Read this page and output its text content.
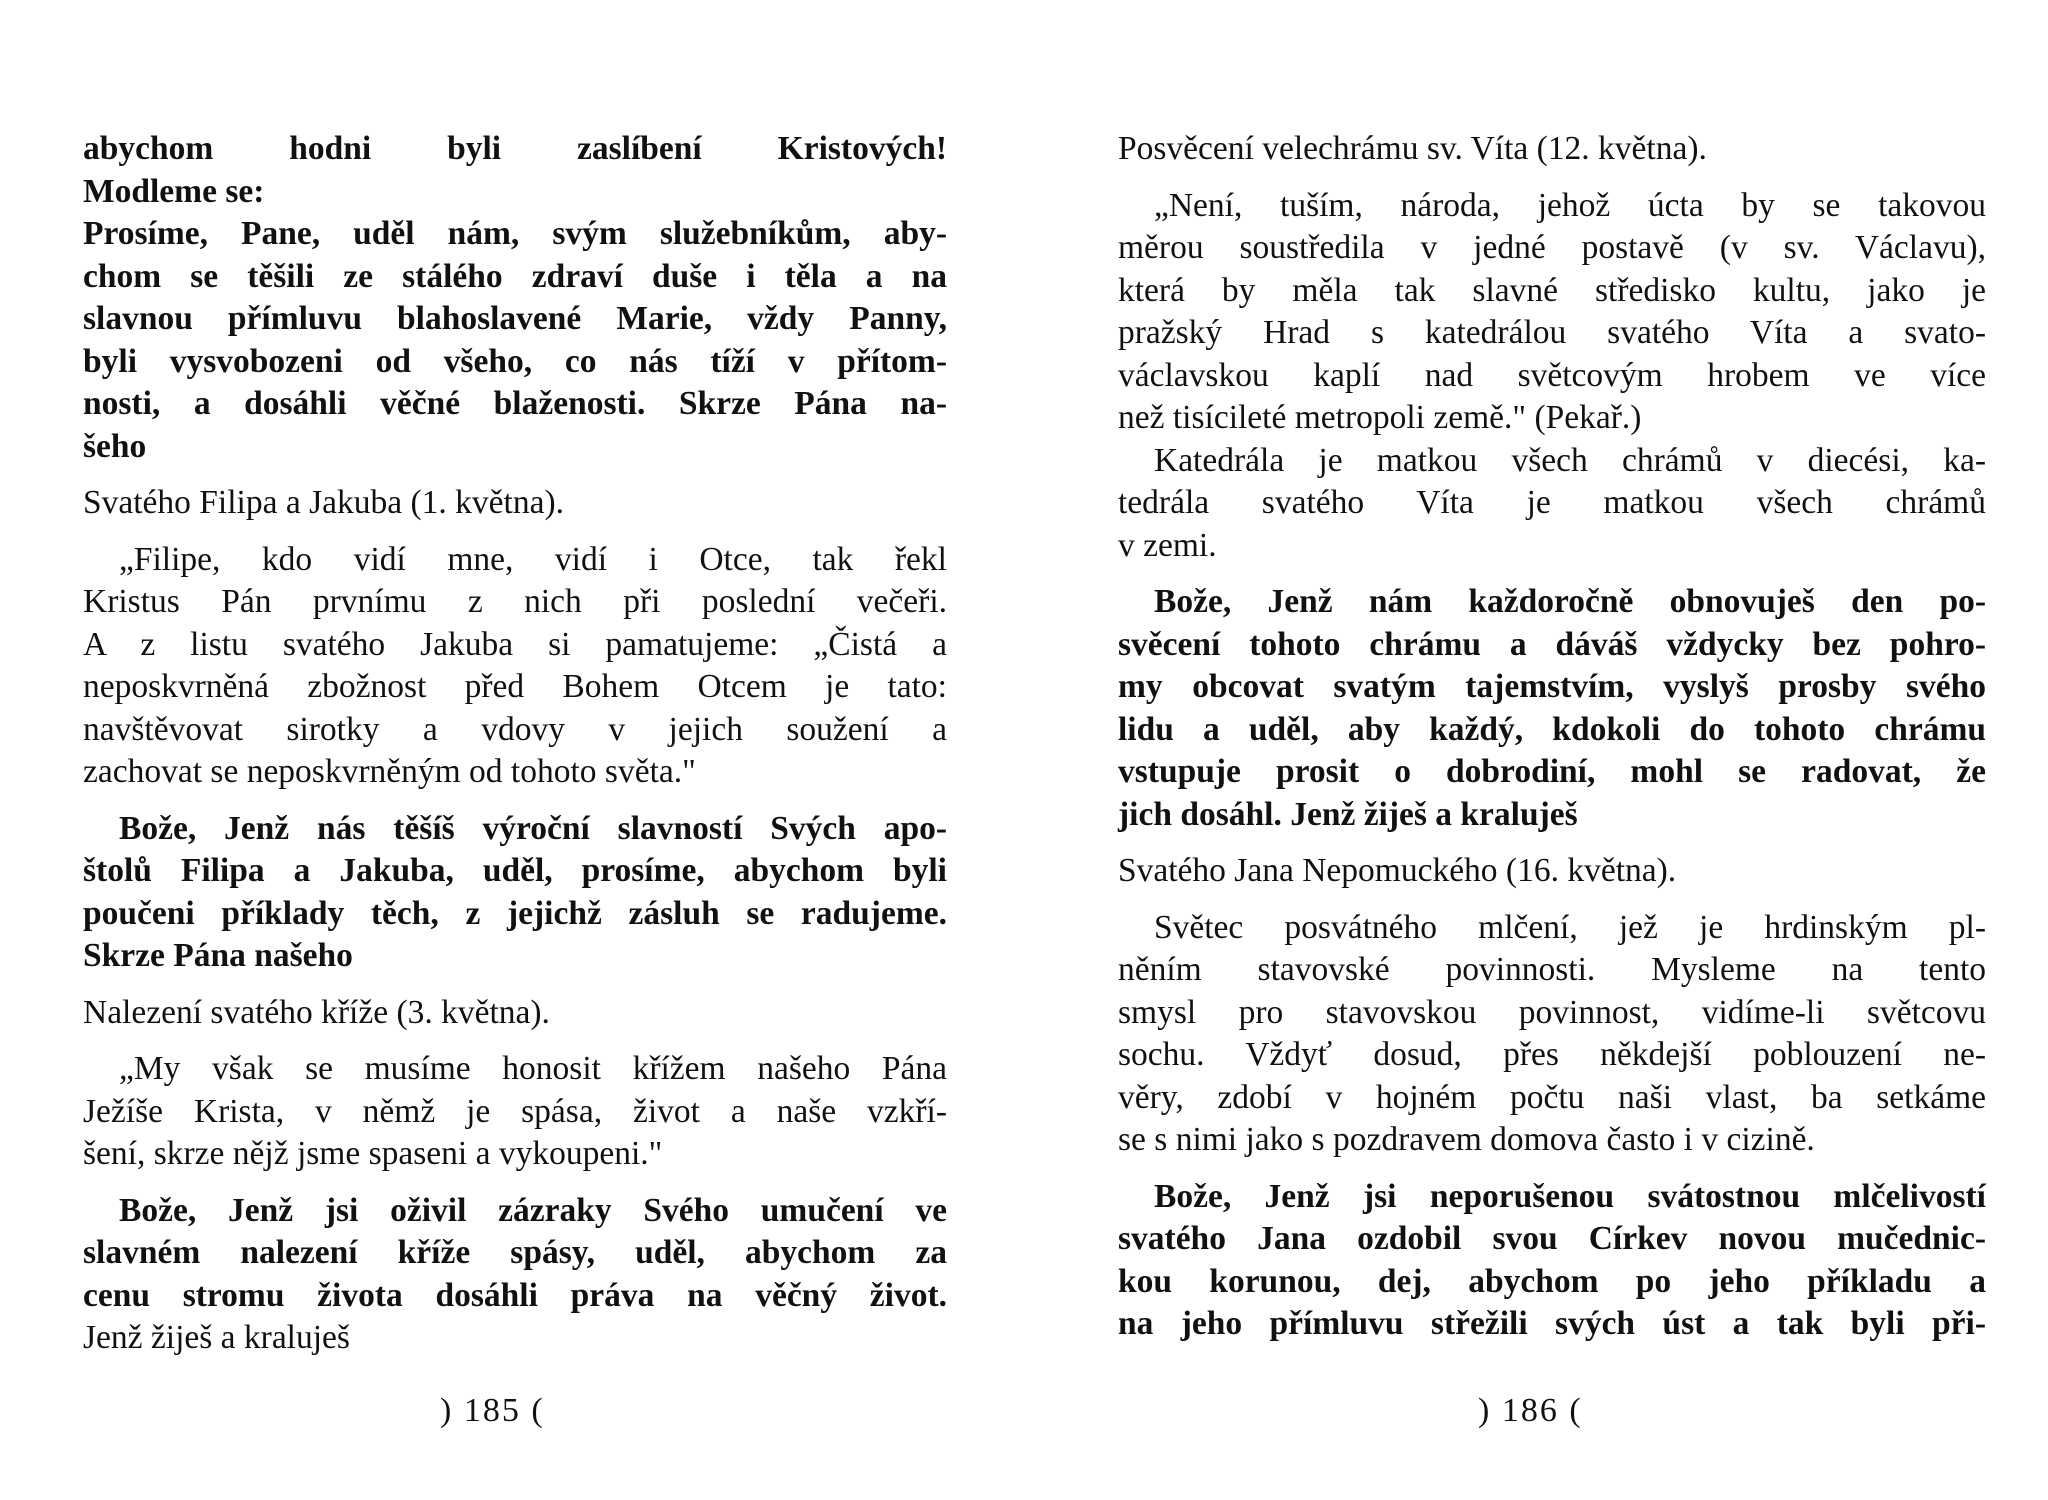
abychom hodni byli zaslíbení Kristových!
Modleme se:
Prosíme, Pane, uděl nám, svým služebníkům, aby-
chom se těšili ze stálého zdraví duše i těla a na
slavnou přímluvu blahoslavené Marie, vždy Panny,
byli vysvobozeni od všeho, co nás tíží v přítom-
nosti, a dosáhli věčné blaženosti. Skrze Pána na-
šeho
Svatého Filipa a Jakuba (1. května).
„Filipe, kdo vidí mne, vidí i Otce, tak řekl
Kristus Pán prvnímu z nich při poslední večeři.
A z listu svatého Jakuba si pamatujeme: „Čistá a
neposkvrněná zbožnost před Bohem Otcem je tato:
navštěvovat sirotky a vdovy v jejich soužení a
zachovat se neposkvrněným od tohoto světa."
Bože, Jenž nás těšíš výroční slavností Svých apo-
štolů Filipa a Jakuba, uděl, prosíme, abychom byli
poučeni příklady těch, z jejichž zásluh se radujeme.
Skrze Pána našeho
Nalezení svatého kříže (3. května).
„My však se musíme honosit křížem našeho Pána
Ježíše Krista, v němž je spása, život a naše vzkří-
šení, skrze nějž jsme spaseni a vykoupeni."
Bože, Jenž jsi oživil zázraky Svého umučení ve
slavném nalezení kříže spásy, uděl, abychom za
cenu stromu života dosáhli práva na věčný život.
Jenž žiješ a kraluješ
Posvěcení velechrámu sv. Víta (12. května).
„Není, tuším, národa, jehož úcta by se takovou
měrou soustředila v jedné postavě (v sv. Václavu),
která by měla tak slavné středisko kultu, jako je
pražský Hrad s katedrálou svatého Víta a svato-
václavskou kaplí nad světcovým hrobem ve více
než tisícileté metropoli země." (Pekař.)
Katedrála je matkou všech chrámů v diecési, ka-
tedrála svatého Víta je matkou všech chrámů
v zemi.
Bože, Jenž nám každoročně obnovuješ den po-
svěcení tohoto chrámu a dáváš vždycky bez pohro-
my obcovat svatým tajemstvím, vyslyš prosby svého
lidu a uděl, aby každý, kdokoli do tohoto chrámu
vstupuje prosit o dobrodiní, mohl se radovat, že
jich dosáhl. Jenž žiješ a kraluješ
Svatého Jana Nepomuckého (16. května).
Světec posvátného mlčení, jež je hrdinským pl-
něním stavovské povinnosti. Mysleme na tento
smysl pro stavovskou povinnost, vidíme-li světcovu
sochu. Vždyť dosud, přes někdejší poblouzení ne-
věry, zdobí v hojném počtu naši vlast, ba setkáme
se s nimi jako s pozdravem domova často i v cizině.
Bože, Jenž jsi neporušenou svátostnou mlčelivostí
svatého Jana ozdobil svou Církev novou mučednic-
kou korunou, dej, abychom po jeho příkladu a
na jeho přímluvu střežili svých úst a tak byli při-
) 185 (	) 186 (
